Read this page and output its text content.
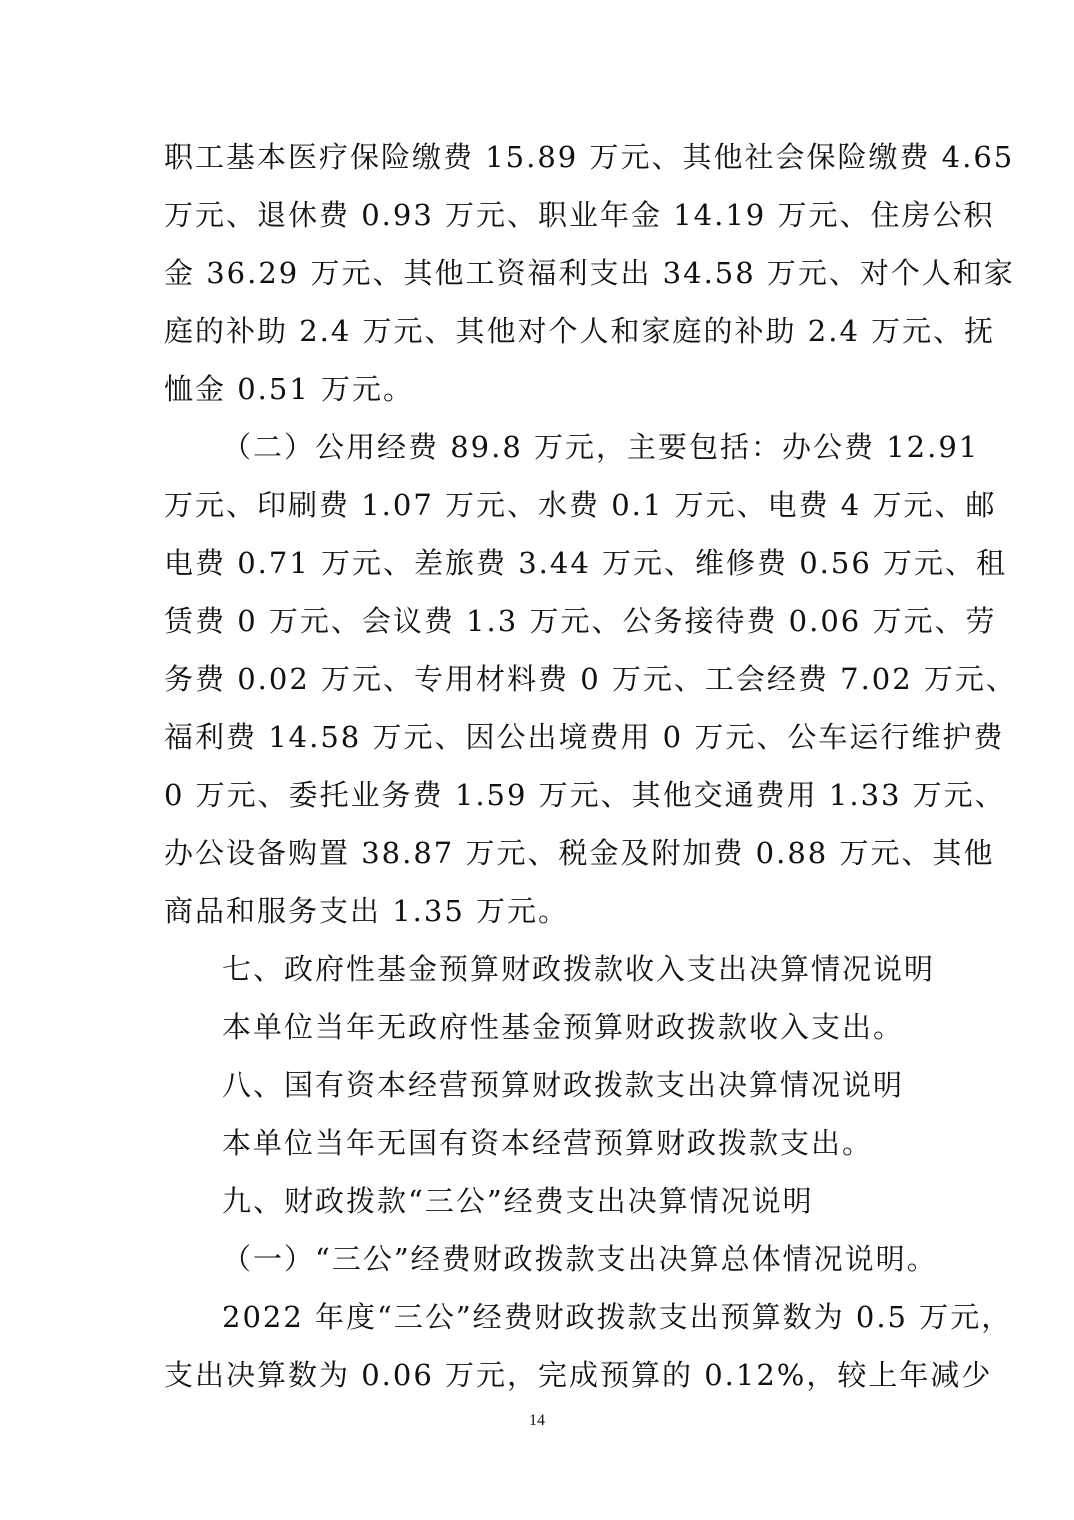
职工基本医疗保险缴费 15.89 万元、其他社会保险缴费 4.65
万元、退休费 0.93 万元、职业年金 14.19 万元、住房公积
金 36.29 万元、其他工资福利支出 34.58 万元、对个人和家
庭的补助 2.4 万元、其他对个人和家庭的补助 2.4 万元、抚
恤金 0.51 万元。
（二）公用经费 89.8 万元，主要包括：办公费 12.91
万元、印刷费 1.07 万元、水费 0.1 万元、电费 4 万元、邮
电费 0.71 万元、差旅费 3.44 万元、维修费 0.56 万元、租
赁费 0 万元、会议费 1.3 万元、公务接待费 0.06 万元、劳
务费 0.02 万元、专用材料费 0 万元、工会经费 7.02 万元、
福利费 14.58 万元、因公出境费用 0 万元、公车运行维护费
0 万元、委托业务费 1.59 万元、其他交通费用 1.33 万元、
办公设备购置 38.87 万元、税金及附加费 0.88 万元、其他
商品和服务支出 1.35 万元。
七、政府性基金预算财政拨款收入支出决算情况说明
本单位当年无政府性基金预算财政拨款收入支出。
八、国有资本经营预算财政拨款支出决算情况说明
本单位当年无国有资本经营预算财政拨款支出。
九、财政拨款“三公”经费支出决算情况说明
（一）“三公”经费财政拨款支出决算总体情况说明。
2022 年度“三公”经费财政拨款支出预算数为 0.5 万元，
支出决算数为 0.06 万元，完成预算的 0.12%，较上年减少
14
